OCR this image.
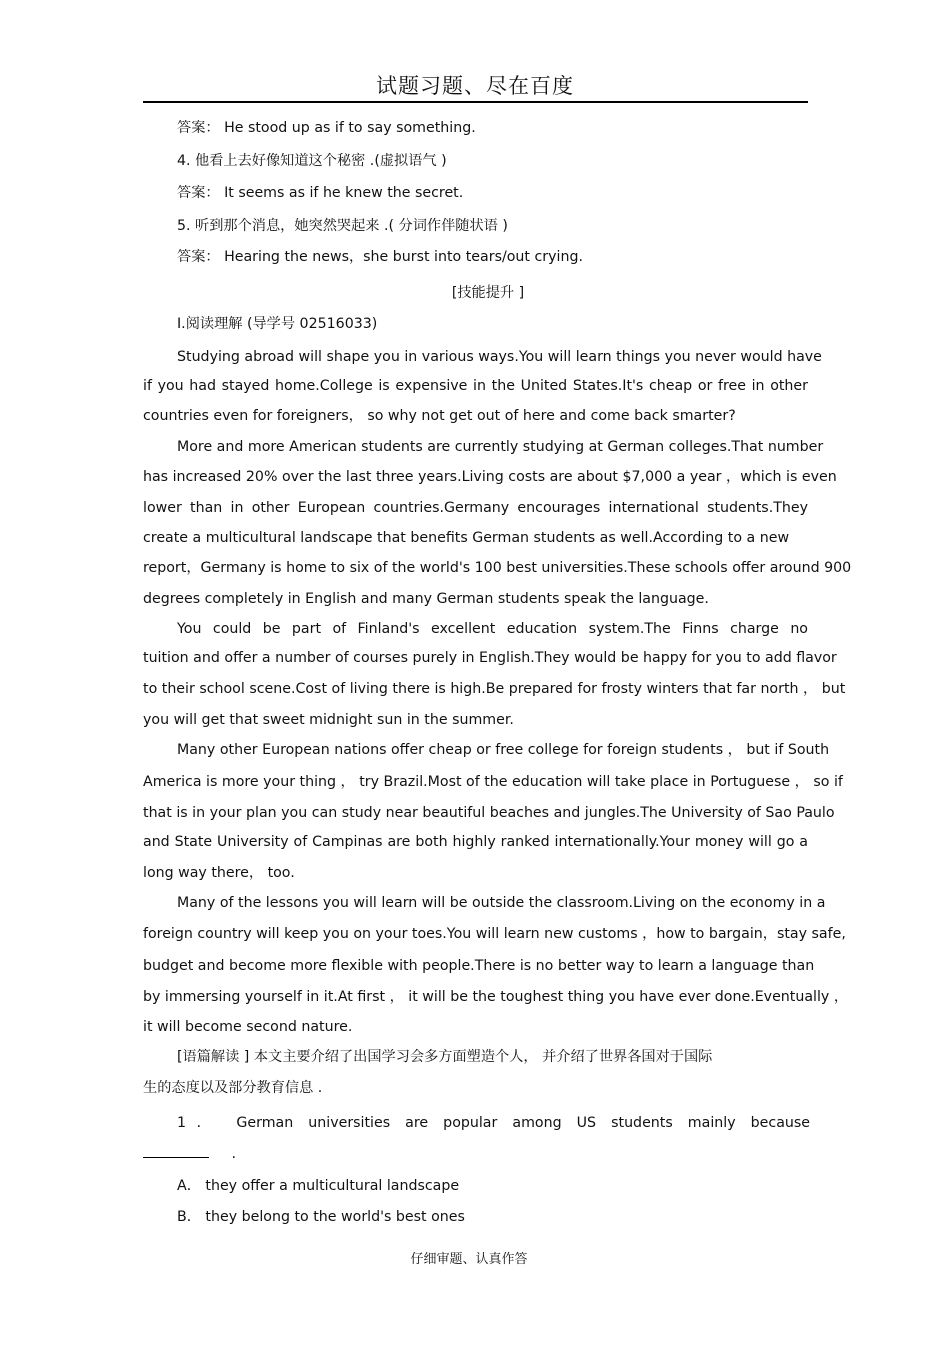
试题习题、尽在百度
答案： He stood up as if to say something.
4. 他看上去好像知道这个秘密 .(虚拟语气 )
答案： It seems as if he knew the secret.
5. 听到那个消息，她突然哭起来 .( 分词作伴随状语 )
答案： Hearing the news，she burst into tears/out crying.
[技能提升 ]
Ⅰ.阅读理解 (导学号 02516033)
Studying abroad will shape you in various ways.You will learn things you never would have
if you had stayed home.College is expensive in the United States.It's cheap or free in other
countries even for foreigners， so why not get out of here and come back smarter?
More and more American students are currently studying at German colleges.That number
has increased 20% over the last three years.Living costs are about $7,000 a year ，which is even
lower than in other European countries.Germany encourages international students.They
create a multicultural landscape that benefits German students as well.According to a new
report，Germany is home to six of the world's 100 best universities.These schools offer around 900
degrees completely in English and many German students speak the language.
You could be part of Finland's excellent education system.The Finns charge no
tuition and offer a number of courses purely in English.They would be happy for you to add flavor
to their school scene.Cost of living there is high.Be prepared for frosty winters that far north ， but
you will get that sweet midnight sun in the summer.
Many other European nations offer cheap or free college for foreign students ， but if South
America is more your thing ， try Brazil.Most of the education will take place in Portuguese ， so if
that is in your plan you can study near beautiful beaches and jungles.The University of Sao Paulo
and State University of Campinas are both highly ranked internationally.Your money will go a
long way there， too.
Many of the lessons you will learn will be outside the classroom.Living on the economy in a
foreign country will keep you on your toes.You will learn new customs ，how to bargain，stay safe,
budget and become more flexible with people.There is no better way to learn a language than
by immersing yourself in it.At first ， it will be the toughest thing you have ever done.Eventually ，
it will become second nature.
[语篇解读 ] 本文主要介绍了出国学习会多方面塑造个人， 并介绍了世界各国对于国际
生的态度以及部分教育信息 .
1． German universities are popular among US students mainly because
.
A． they offer a multicultural landscape
B． they belong to the world's best ones
仔细审题、认真作答
